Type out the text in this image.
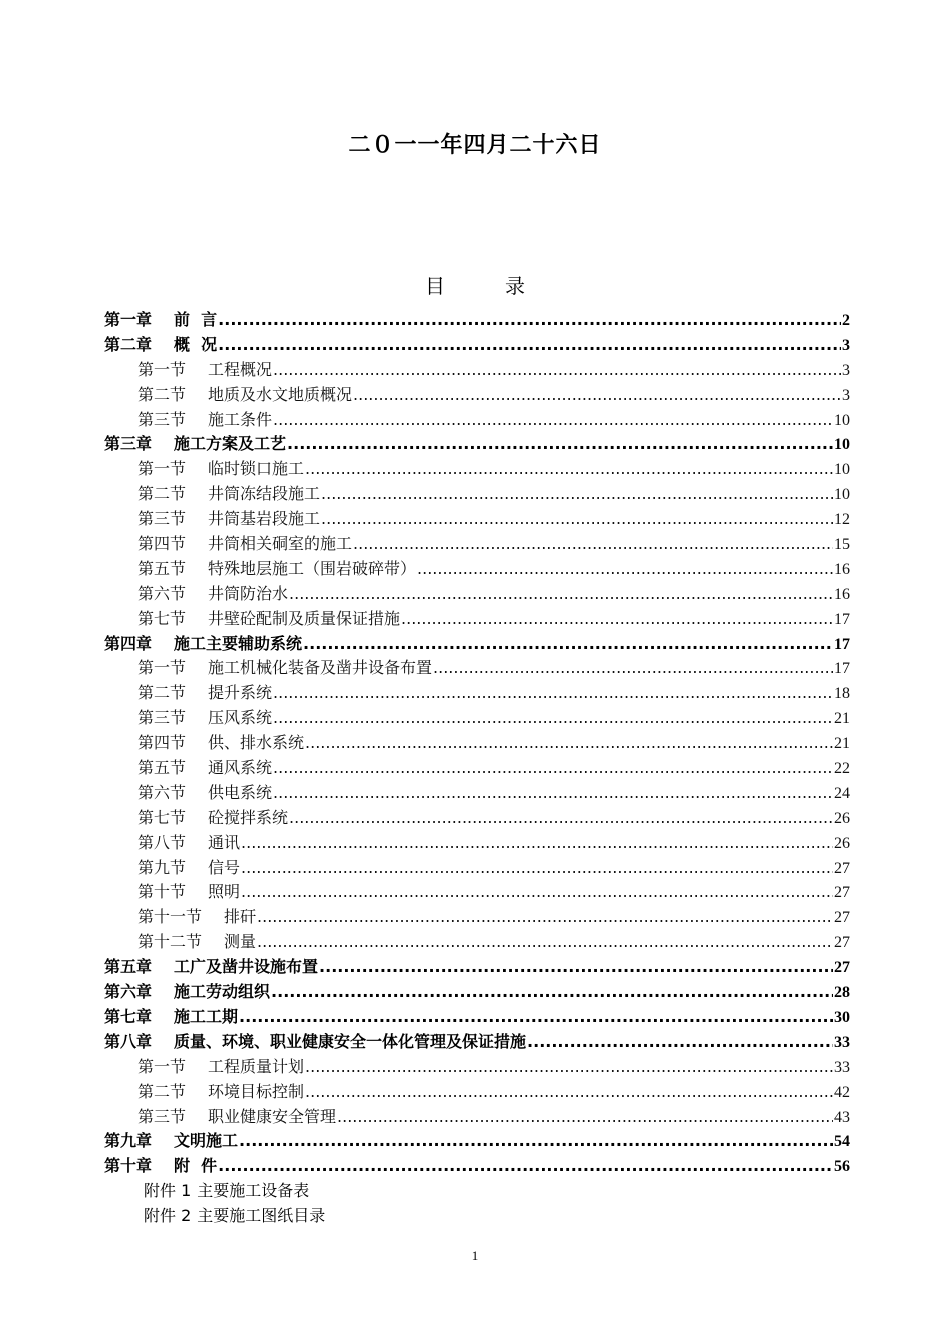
二０一一年四月二十六日
目	录
第一章 前  言 .....	2
第二章 概  况 .....	3
第一节 工程概况 .....	3
第二节 地质及水文地质概况 .....	3
第三节 施工条件 .....	10
第三章 施工方案及工艺 .....	10
第一节 临时锁口施工 .....	10
第二节 井筒冻结段施工 .....	10
第三节 井筒基岩段施工 .....	12
第四节 井筒相关硐室的施工 .....	15
第五节 特殊地层施工（围岩破碎带） .....	16
第六节 井筒防治水 .....	16
第七节 井壁砼配制及质量保证措施 .....	17
第四章 施工主要辅助系统 .....	17
第一节 施工机械化装备及凿井设备布置 .....	17
第二节 提升系统 .....	18
第三节 压风系统 .....	21
第四节 供、排水系统 .....	21
第五节 通风系统 .....	22
第六节 供电系统 .....	24
第七节 砼搅拌系统 .....	26
第八节 通讯 .....	26
第九节 信号 .....	27
第十节 照明 .....	27
第十一节 排矸 .....	27
第十二节 测量 .....	27
第五章 工广及凿井设施布置 .....	27
第六章 施工劳动组织 .....	28
第七章 施工工期 .....	30
第八章 质量、环境、职业健康安全一体化管理及保证措施 .....	33
第一节 工程质量计划 .....	33
第二节 环境目标控制 .....	42
第三节 职业健康安全管理 .....	43
第九章 文明施工 .....	54
第十章 附  件 .....	56
附件 1 主要施工设备表
附件 2 主要施工图纸目录
1
